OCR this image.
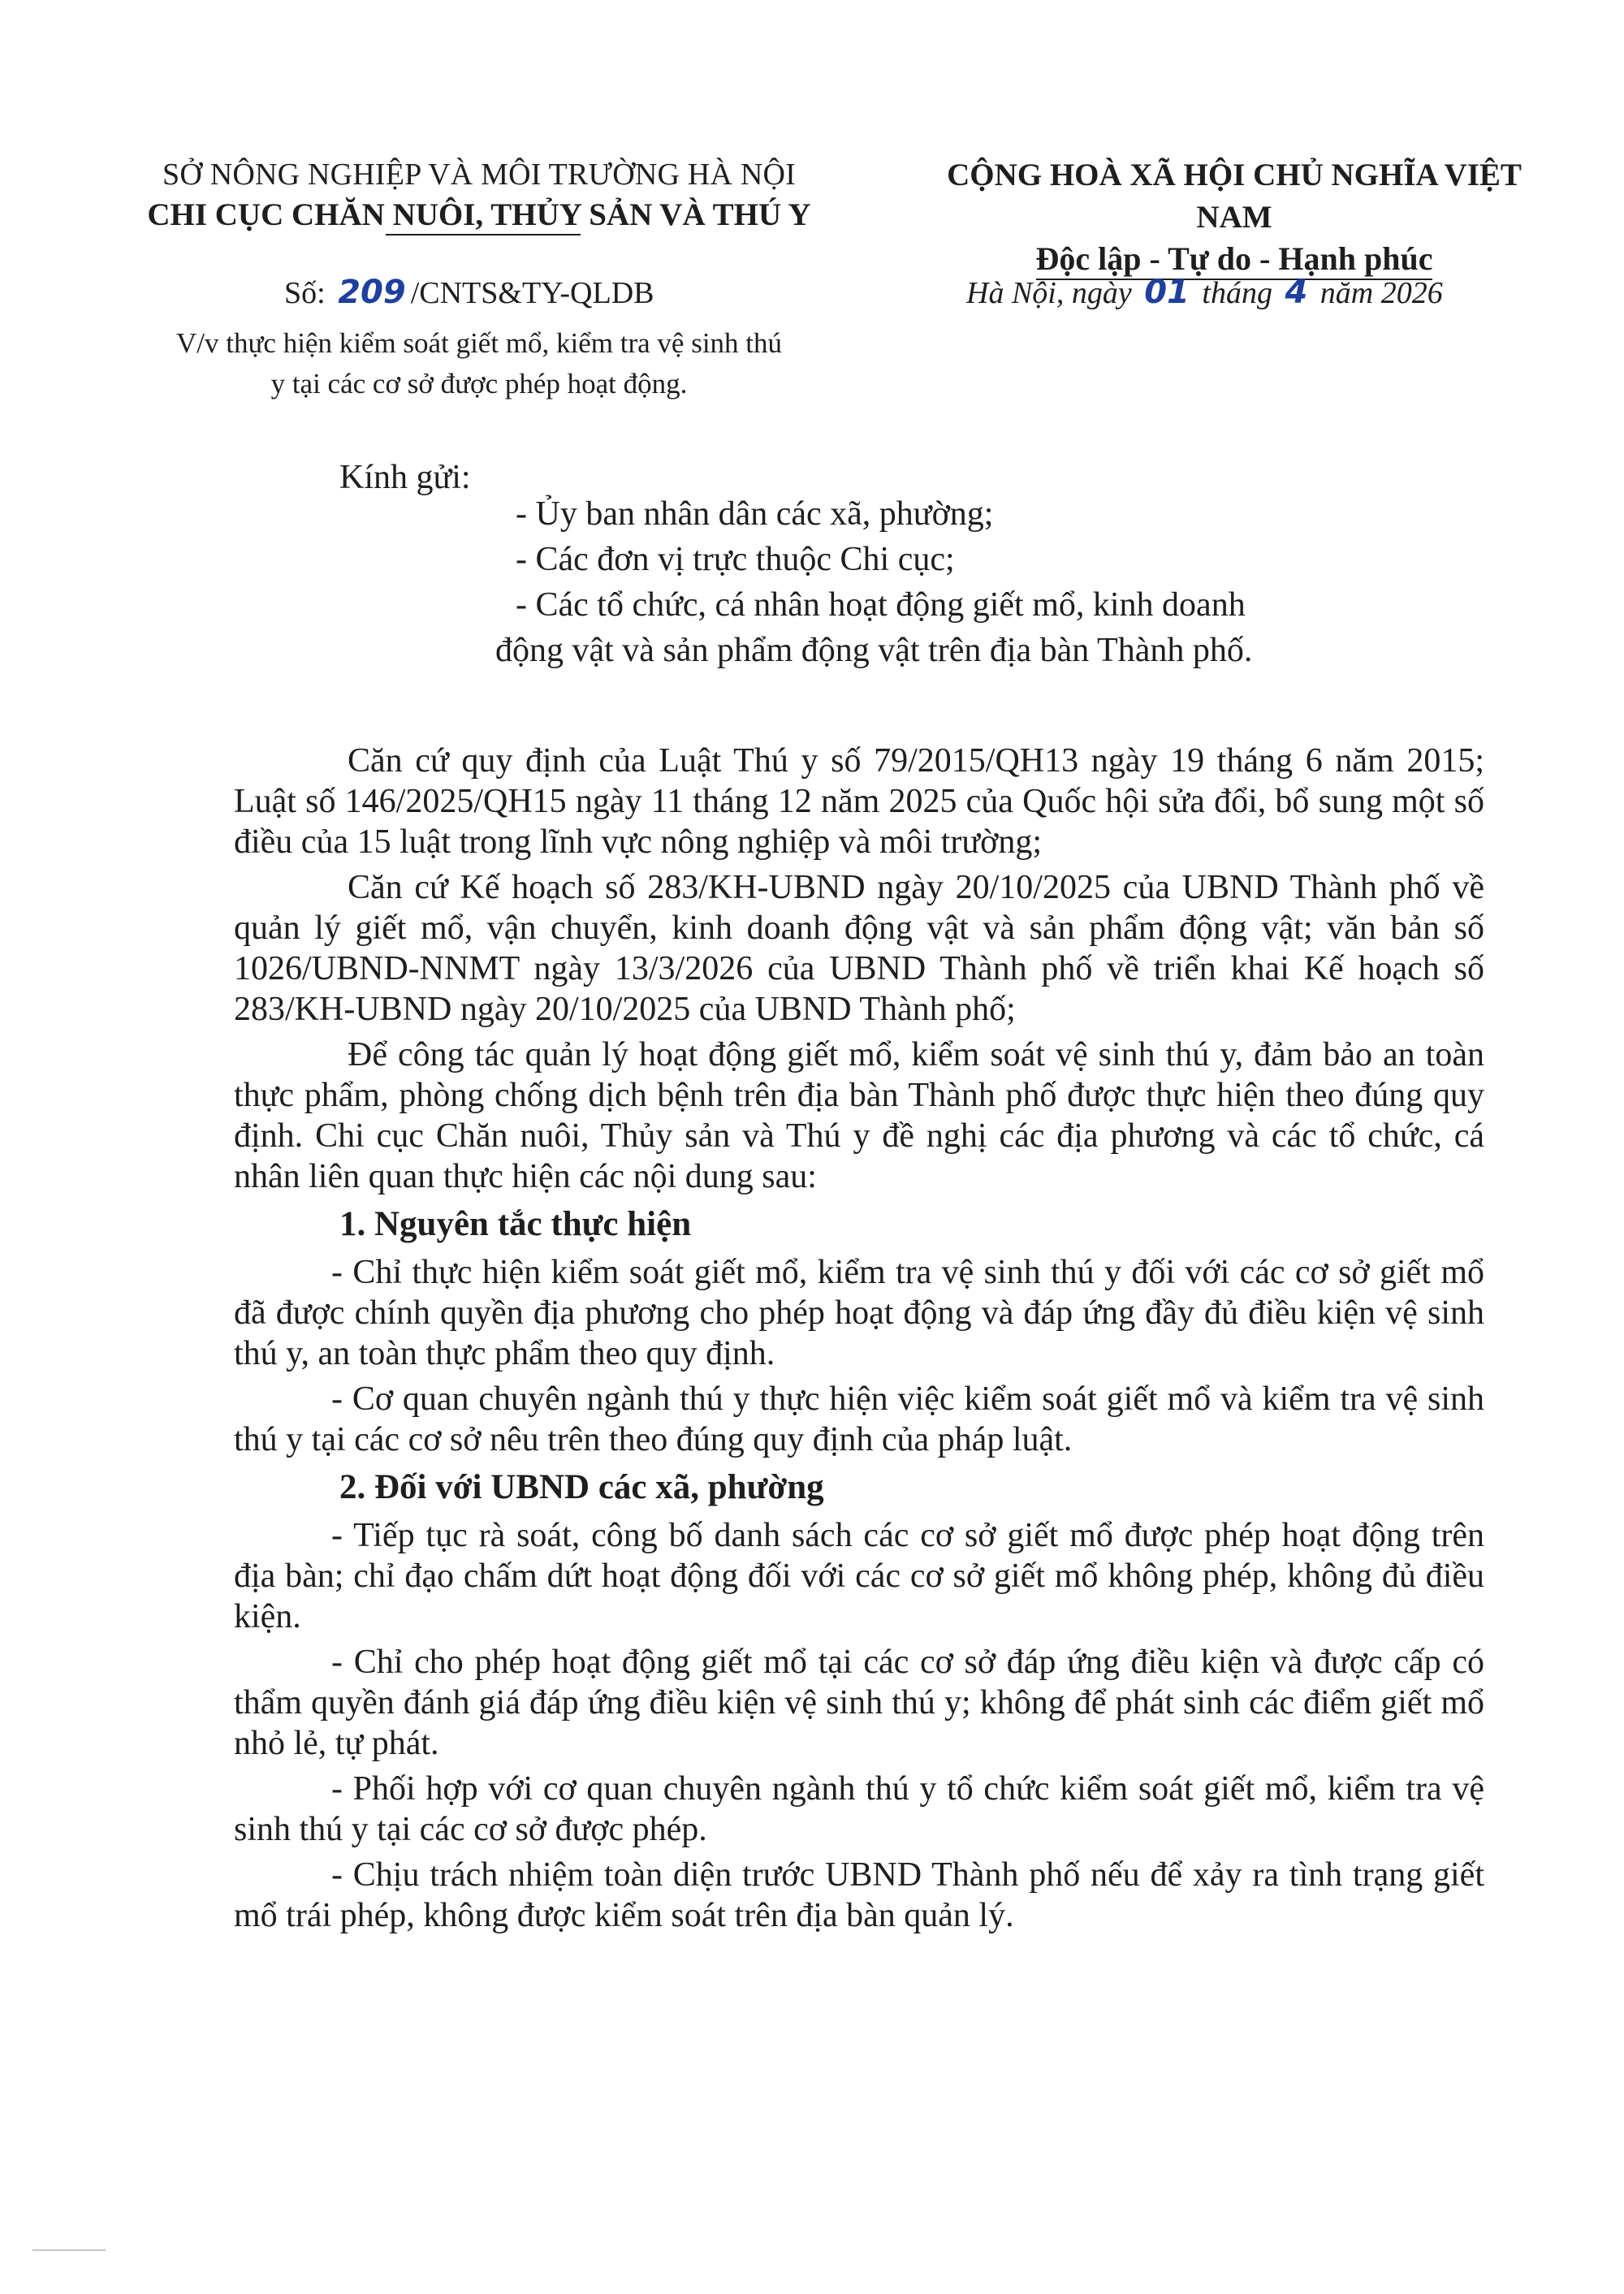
SỞ NÔNG NGHIỆP VÀ MÔI TRƯỜNG HÀ NỘI
CHI CỤC CHĂN NUÔI, THỦY SẢN VÀ THÚ Y
CỘNG HOÀ XÃ HỘI CHỦ NGHĨA VIỆT NAM
Độc lập - Tự do - Hạnh phúc
Số: 209 /CNTS&TY-QLDB	Hà Nội, ngày 01 tháng 4 năm 2026
V/v thực hiện kiểm soát giết mổ, kiểm tra vệ sinh thú
y tại các cơ sở được phép hoạt động.
Kính gửi:
- Ủy ban nhân dân các xã, phường;
- Các đơn vị trực thuộc Chi cục;
- Các tổ chức, cá nhân hoạt động giết mổ, kinh doanh
động vật và sản phẩm động vật trên địa bàn Thành phố.

Căn cứ quy định của Luật Thú y số 79/2015/QH13 ngày 19 tháng 6 năm 2015; Luật số 146/2025/QH15 ngày 11 tháng 12 năm 2025 của Quốc hội sửa đổi, bổ sung một số điều của 15 luật trong lĩnh vực nông nghiệp và môi trường;

Căn cứ Kế hoạch số 283/KH-UBND ngày 20/10/2025 của UBND Thành phố về quản lý giết mổ, vận chuyển, kinh doanh động vật và sản phẩm động vật; văn bản số 1026/UBND-NNMT ngày 13/3/2026 của UBND Thành phố về triển khai Kế hoạch số 283/KH-UBND ngày 20/10/2025 của UBND Thành phố;

Để công tác quản lý hoạt động giết mổ, kiểm soát vệ sinh thú y, đảm bảo an toàn thực phẩm, phòng chống dịch bệnh trên địa bàn Thành phố được thực hiện theo đúng quy định. Chi cục Chăn nuôi, Thủy sản và Thú y đề nghị các địa phương và các tổ chức, cá nhân liên quan thực hiện các nội dung sau:

1. Nguyên tắc thực hiện

- Chỉ thực hiện kiểm soát giết mổ, kiểm tra vệ sinh thú y đối với các cơ sở giết mổ đã được chính quyền địa phương cho phép hoạt động và đáp ứng đầy đủ điều kiện vệ sinh thú y, an toàn thực phẩm theo quy định.

- Cơ quan chuyên ngành thú y thực hiện việc kiểm soát giết mổ và kiểm tra vệ sinh thú y tại các cơ sở nêu trên theo đúng quy định của pháp luật.

2. Đối với UBND các xã, phường

- Tiếp tục rà soát, công bố danh sách các cơ sở giết mổ được phép hoạt động trên địa bàn; chỉ đạo chấm dứt hoạt động đối với các cơ sở giết mổ không phép, không đủ điều kiện.

- Chỉ cho phép hoạt động giết mổ tại các cơ sở đáp ứng điều kiện và được cấp có thẩm quyền đánh giá đáp ứng điều kiện vệ sinh thú y; không để phát sinh các điểm giết mổ nhỏ lẻ, tự phát.

- Phối hợp với cơ quan chuyên ngành thú y tổ chức kiểm soát giết mổ, kiểm tra vệ sinh thú y tại các cơ sở được phép.

- Chịu trách nhiệm toàn diện trước UBND Thành phố nếu để xảy ra tình trạng giết mổ trái phép, không được kiểm soát trên địa bàn quản lý.
